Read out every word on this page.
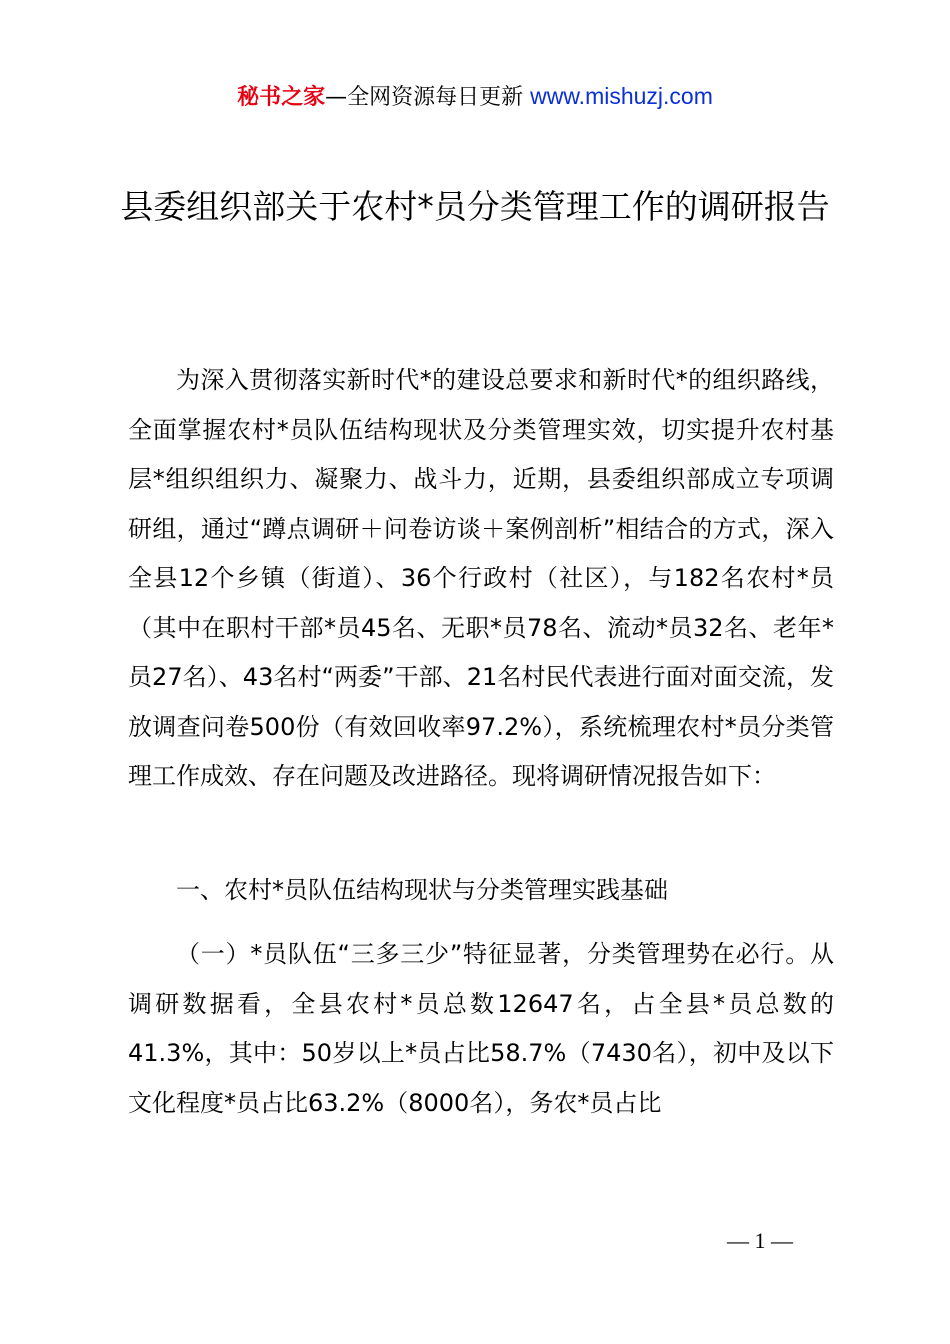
秘书之家—全网资源每日更新 www.mishuzj.com
县委组织部关于农村*员分类管理工作的调研报告

为深入贯彻落实新时代*的建设总要求和新时代*的组织路线，全面掌握农村*员队伍结构现状及分类管理实效，切实提升农村基层*组织组织力、凝聚力、战斗力，近期，县委组织部成立专项调研组，通过“蹲点调研＋问卷访谈＋案例剖析”相结合的方式，深入全县12个乡镇（街道）、36个行政村（社区），与182名农村*员（其中在职村干部*员45名、无职*员78名、流动*员32名、老年*员27名）、43名村“两委”干部、21名村民代表进行面对面交流，发放调查问卷500份（有效回收率97.2%），系统梳理农村*员分类管理工作成效、存在问题及改进路径。现将调研情况报告如下：

一、农村*员队伍结构现状与分类管理实践基础

（一）*员队伍“三多三少”特征显著，分类管理势在必行。从调研数据看，全县农村*员总数12647名，占全县*员总数的41.3%，其中：50岁以上*员占比58.7%（7430名），初中及以下文化程度*员占比63.2%（8000名），务农*员占比

— 1 —
